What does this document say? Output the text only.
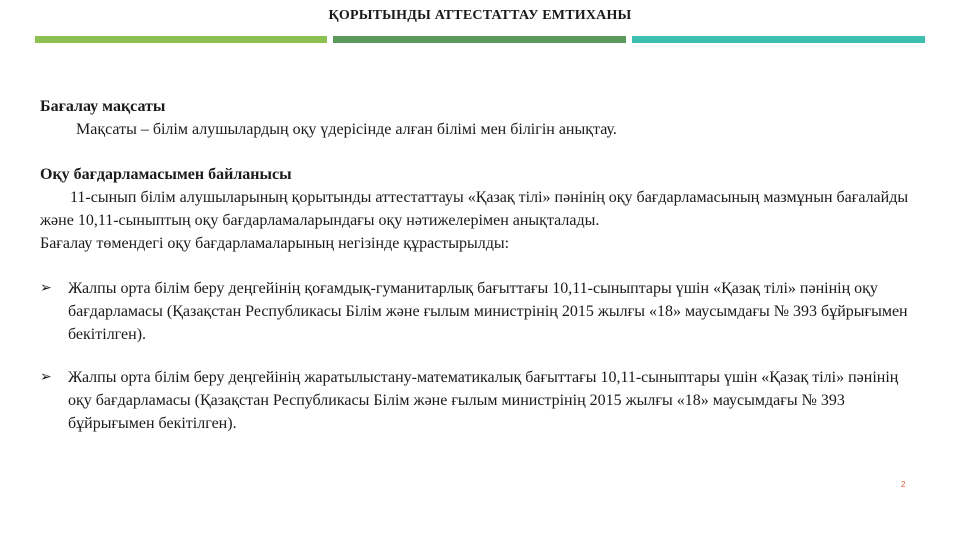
ҚОРЫТЫНДЫ АТТЕСТАТТАУ ЕМТИХАНЫ

Бағалау мақсаты

Мақсаты – білім алушылардың оқу үдерісінде алған білімі мен білігін анықтау.

Оқу бағдарламасымен байланысы

11-сынып білім алушыларының қорытынды аттестаттауы «Қазақ тілі» пәнінің оқу бағдарламасының мазмұнын бағалайды және 10,11-сыныптың оқу бағдарламаларындағы оқу нәтижелерімен анықталады.

Бағалау төмендегі оқу бағдарламаларының негізінде құрастырылды:

➢ Жалпы орта білім беру деңгейінің қоғамдық-гуманитарлық бағыттағы 10,11-сыныптары үшін «Қазақ тілі» пәнінің оқу бағдарламасы (Қазақстан Республикасы Білім және ғылым министрінің 2015 жылғы «18» маусымдағы № 393 бұйрығымен бекітілген).

➢ Жалпы орта білім беру деңгейінің жаратылыстану-математикалық бағыттағы 10,11-сыныптары үшін «Қазақ тілі» пәнінің оқу бағдарламасы (Қазақстан Республикасы Білім және ғылым министрінің 2015 жылғы «18» маусымдағы № 393 бұйрығымен бекітілген).

2
